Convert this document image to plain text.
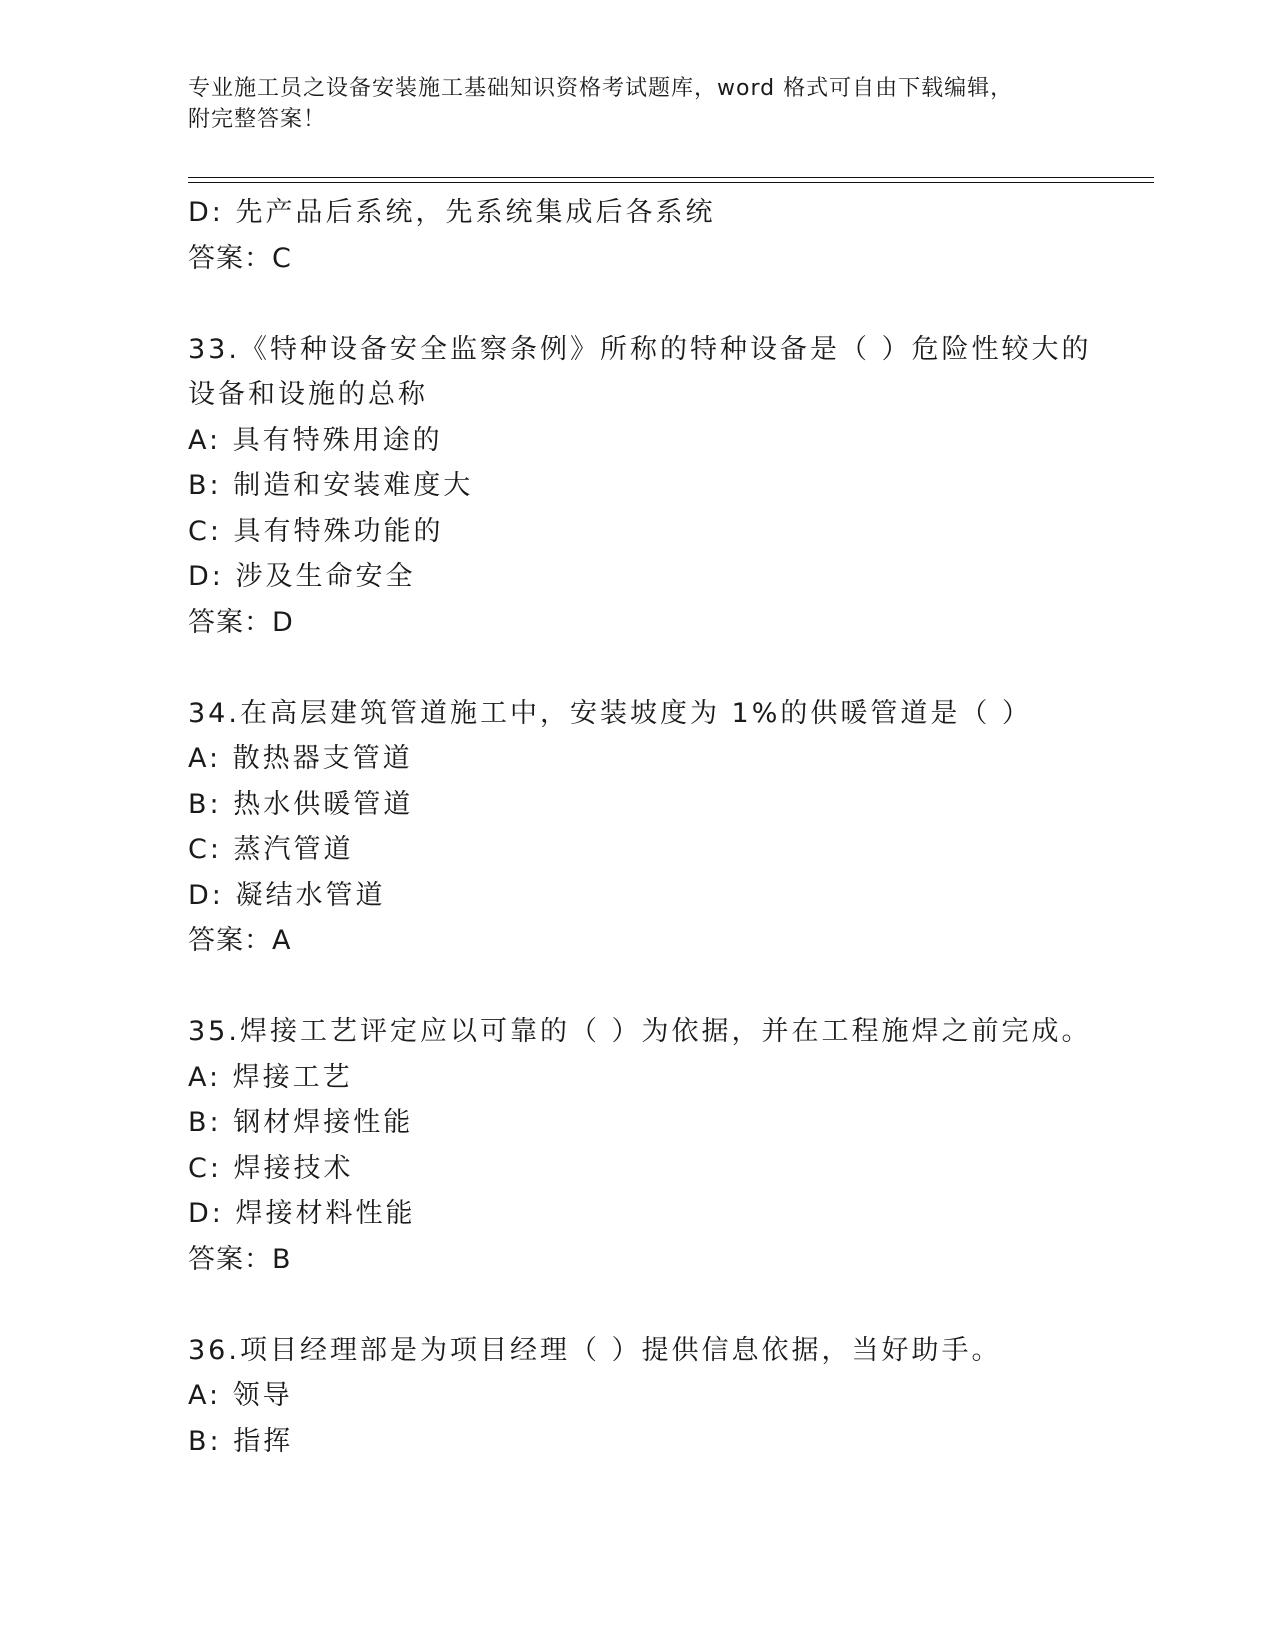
专业施工员之设备安装施工基础知识资格考试题库，word 格式可自由下载编辑，
附完整答案！
D: 先产品后系统，先系统集成后各系统
答案：C
33.《特种设备安全监察条例》所称的特种设备是（ ）危险性较大的
设备和设施的总称
A: 具有特殊用途的
B: 制造和安装难度大
C: 具有特殊功能的
D: 涉及生命安全
答案：D
34.在高层建筑管道施工中，安装坡度为 1%的供暖管道是（ ）
A: 散热器支管道
B: 热水供暖管道
C: 蒸汽管道
D: 凝结水管道
答案：A
35.焊接工艺评定应以可靠的（ ）为依据，并在工程施焊之前完成。
A: 焊接工艺
B: 钢材焊接性能
C: 焊接技术
D: 焊接材料性能
答案：B
36.项目经理部是为项目经理（ ）提供信息依据，当好助手。
A: 领导
B: 指挥
